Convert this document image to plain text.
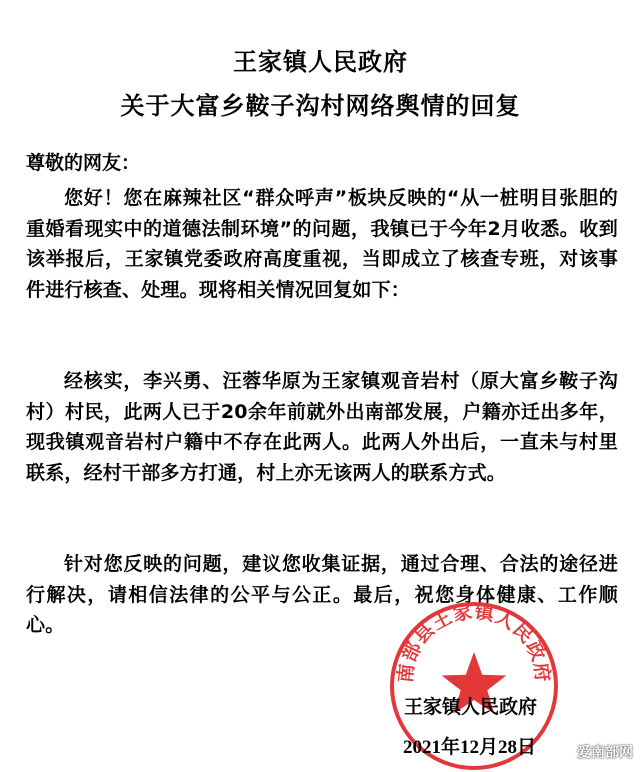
王家镇人民政府
关于大富乡鞍子沟村网络舆情的回复
尊敬的网友：

您好！您在麻辣社区“群众呼声”板块反映的“从一桩明目张胆的重婚看现实中的道德法制环境”的问题，我镇已于今年2月收悉。收到该举报后，王家镇党委政府高度重视，当即成立了核查专班，对该事件进行核查、处理。现将相关情况回复如下：

经核实，李兴勇、汪蓉华原为王家镇观音岩村（原大富乡鞍子沟村）村民，此两人已于20余年前就外出南部发展，户籍亦迁出多年，现我镇观音岩村户籍中不存在此两人。此两人外出后，一直未与村里联系，经村干部多方打通，村上亦无该两人的联系方式。

针对您反映的问题，建议您收集证据，通过合理、合法的途径进行解决，请相信法律的公平与公正。最后，祝您身体健康、工作顺心。

南部县王家镇人民政府
王家镇人民政府
2021年12月28日	爱南部网
